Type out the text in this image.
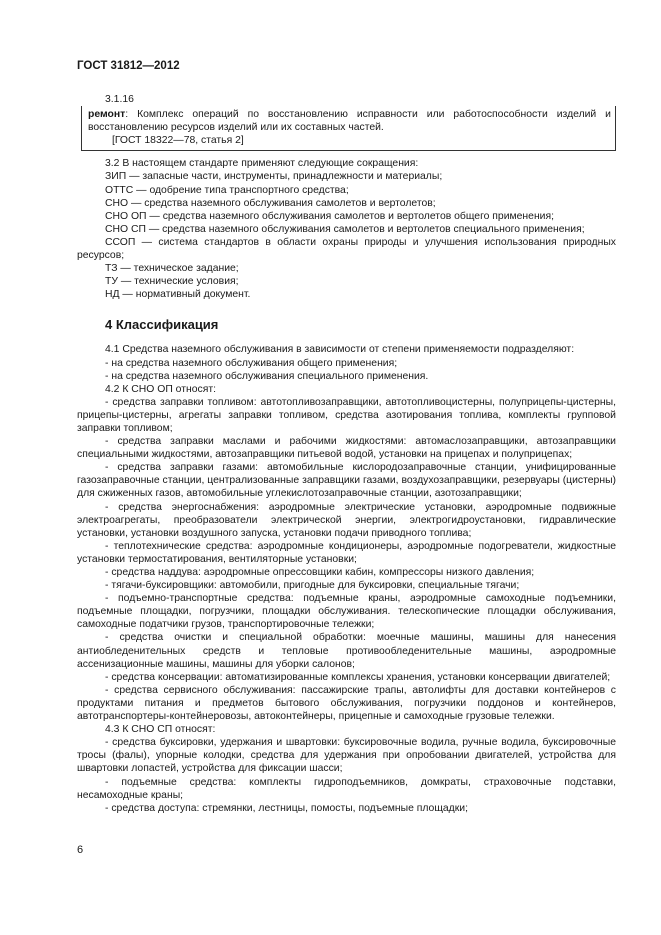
ГОСТ 31812—2012

3.1.16

ремонт: Комплекс операций по восстановлению исправности или работоспособности изделий и восстановлению ресурсов изделий или их составных частей.

[ГОСТ 18322—78, статья 2]

3.2 В настоящем стандарте применяют следующие сокращения:

ЗИП — запасные части, инструменты, принадлежности и материалы;
ОТТС — одобрение типа транспортного средства;
СНО — средства наземного обслуживания самолетов и вертолетов;
СНО ОП — средства наземного обслуживания самолетов и вертолетов общего применения;
СНО СП — средства наземного обслуживания самолетов и вертолетов специального применения;
ССОП — система стандартов в области охраны природы и улучшения использования природных ресурсов;
ТЗ — техническое задание;
ТУ — технические условия;
НД — нормативный документ.
4 Классификация

4.1 Средства наземного обслуживания в зависимости от степени применяемости подразделяют:

- на средства наземного обслуживания общего применения;
- на средства наземного обслуживания специального применения.

4.2 К СНО ОП относят:

- средства заправки топливом: автотопливозаправщики, автотопливоцистерны, полуприцепы-цистерны, прицепы-цистерны, агрегаты заправки топливом, средства азотирования топлива, комплекты групповой заправки топливом;
- средства заправки маслами и рабочими жидкостями: автомаслозаправщики, автозаправщики специальными жидкостями, автозаправщики питьевой водой, установки на прицепах и полуприцепах;
- средства заправки газами: автомобильные кислородозаправочные станции, унифицированные газозаправочные станции, централизованные заправщики газами, воздухозаправщики, резервуары (цистерны) для сжиженных газов, автомобильные углекислотозаправочные станции, азотозаправщики;
- средства энергоснабжения: аэродромные электрические установки, аэродромные подвижные электроагрегаты, преобразователи электрической энергии, электрогидроустановки, гидравлические установки, установки воздушного запуска, установки подачи приводного топлива;
- теплотехнические средства: аэродромные кондиционеры, аэродромные подогреватели, жидкостные установки термостатирования, вентиляторные установки;
- средства наддува: аэродромные опрессовщики кабин, компрессоры низкого давления;
- тягачи-буксировщики: автомобили, пригодные для буксировки, специальные тягачи;
- подъемно-транспортные средства: подъемные краны, аэродромные самоходные подъемники, подъемные площадки, погрузчики, площадки обслуживания. телескопические площадки обслуживания, самоходные податчики грузов, транспортировочные тележки;
- средства очистки и специальной обработки: моечные машины, машины для нанесения антиобледенительных средств и тепловые противообледенительные машины, аэродромные ассенизационные машины, машины для уборки салонов;
- средства консервации: автоматизированные комплексы хранения, установки консервации двигателей;
- средства сервисного обслуживания: пассажирские трапы, автолифты для доставки контейнеров с продуктами питания и предметов бытового обслуживания, погрузчики поддонов и контейнеров, автотранспортеры-контейнеровозы, автоконтейнеры, прицепные и самоходные грузовые тележки.

4.3 К СНО СП относят:

- средства буксировки, удержания и швартовки: буксировочные водила, ручные водила, буксировочные тросы (фалы), упорные колодки, средства для удержания при опробовании двигателей, устройства для швартовки лопастей, устройства для фиксации шасси;
- подъемные средства: комплекты гидроподъемников, домкраты, страховочные подставки, несамоходные краны;
- средства доступа: стремянки, лестницы, помосты, подъемные площадки;
6
